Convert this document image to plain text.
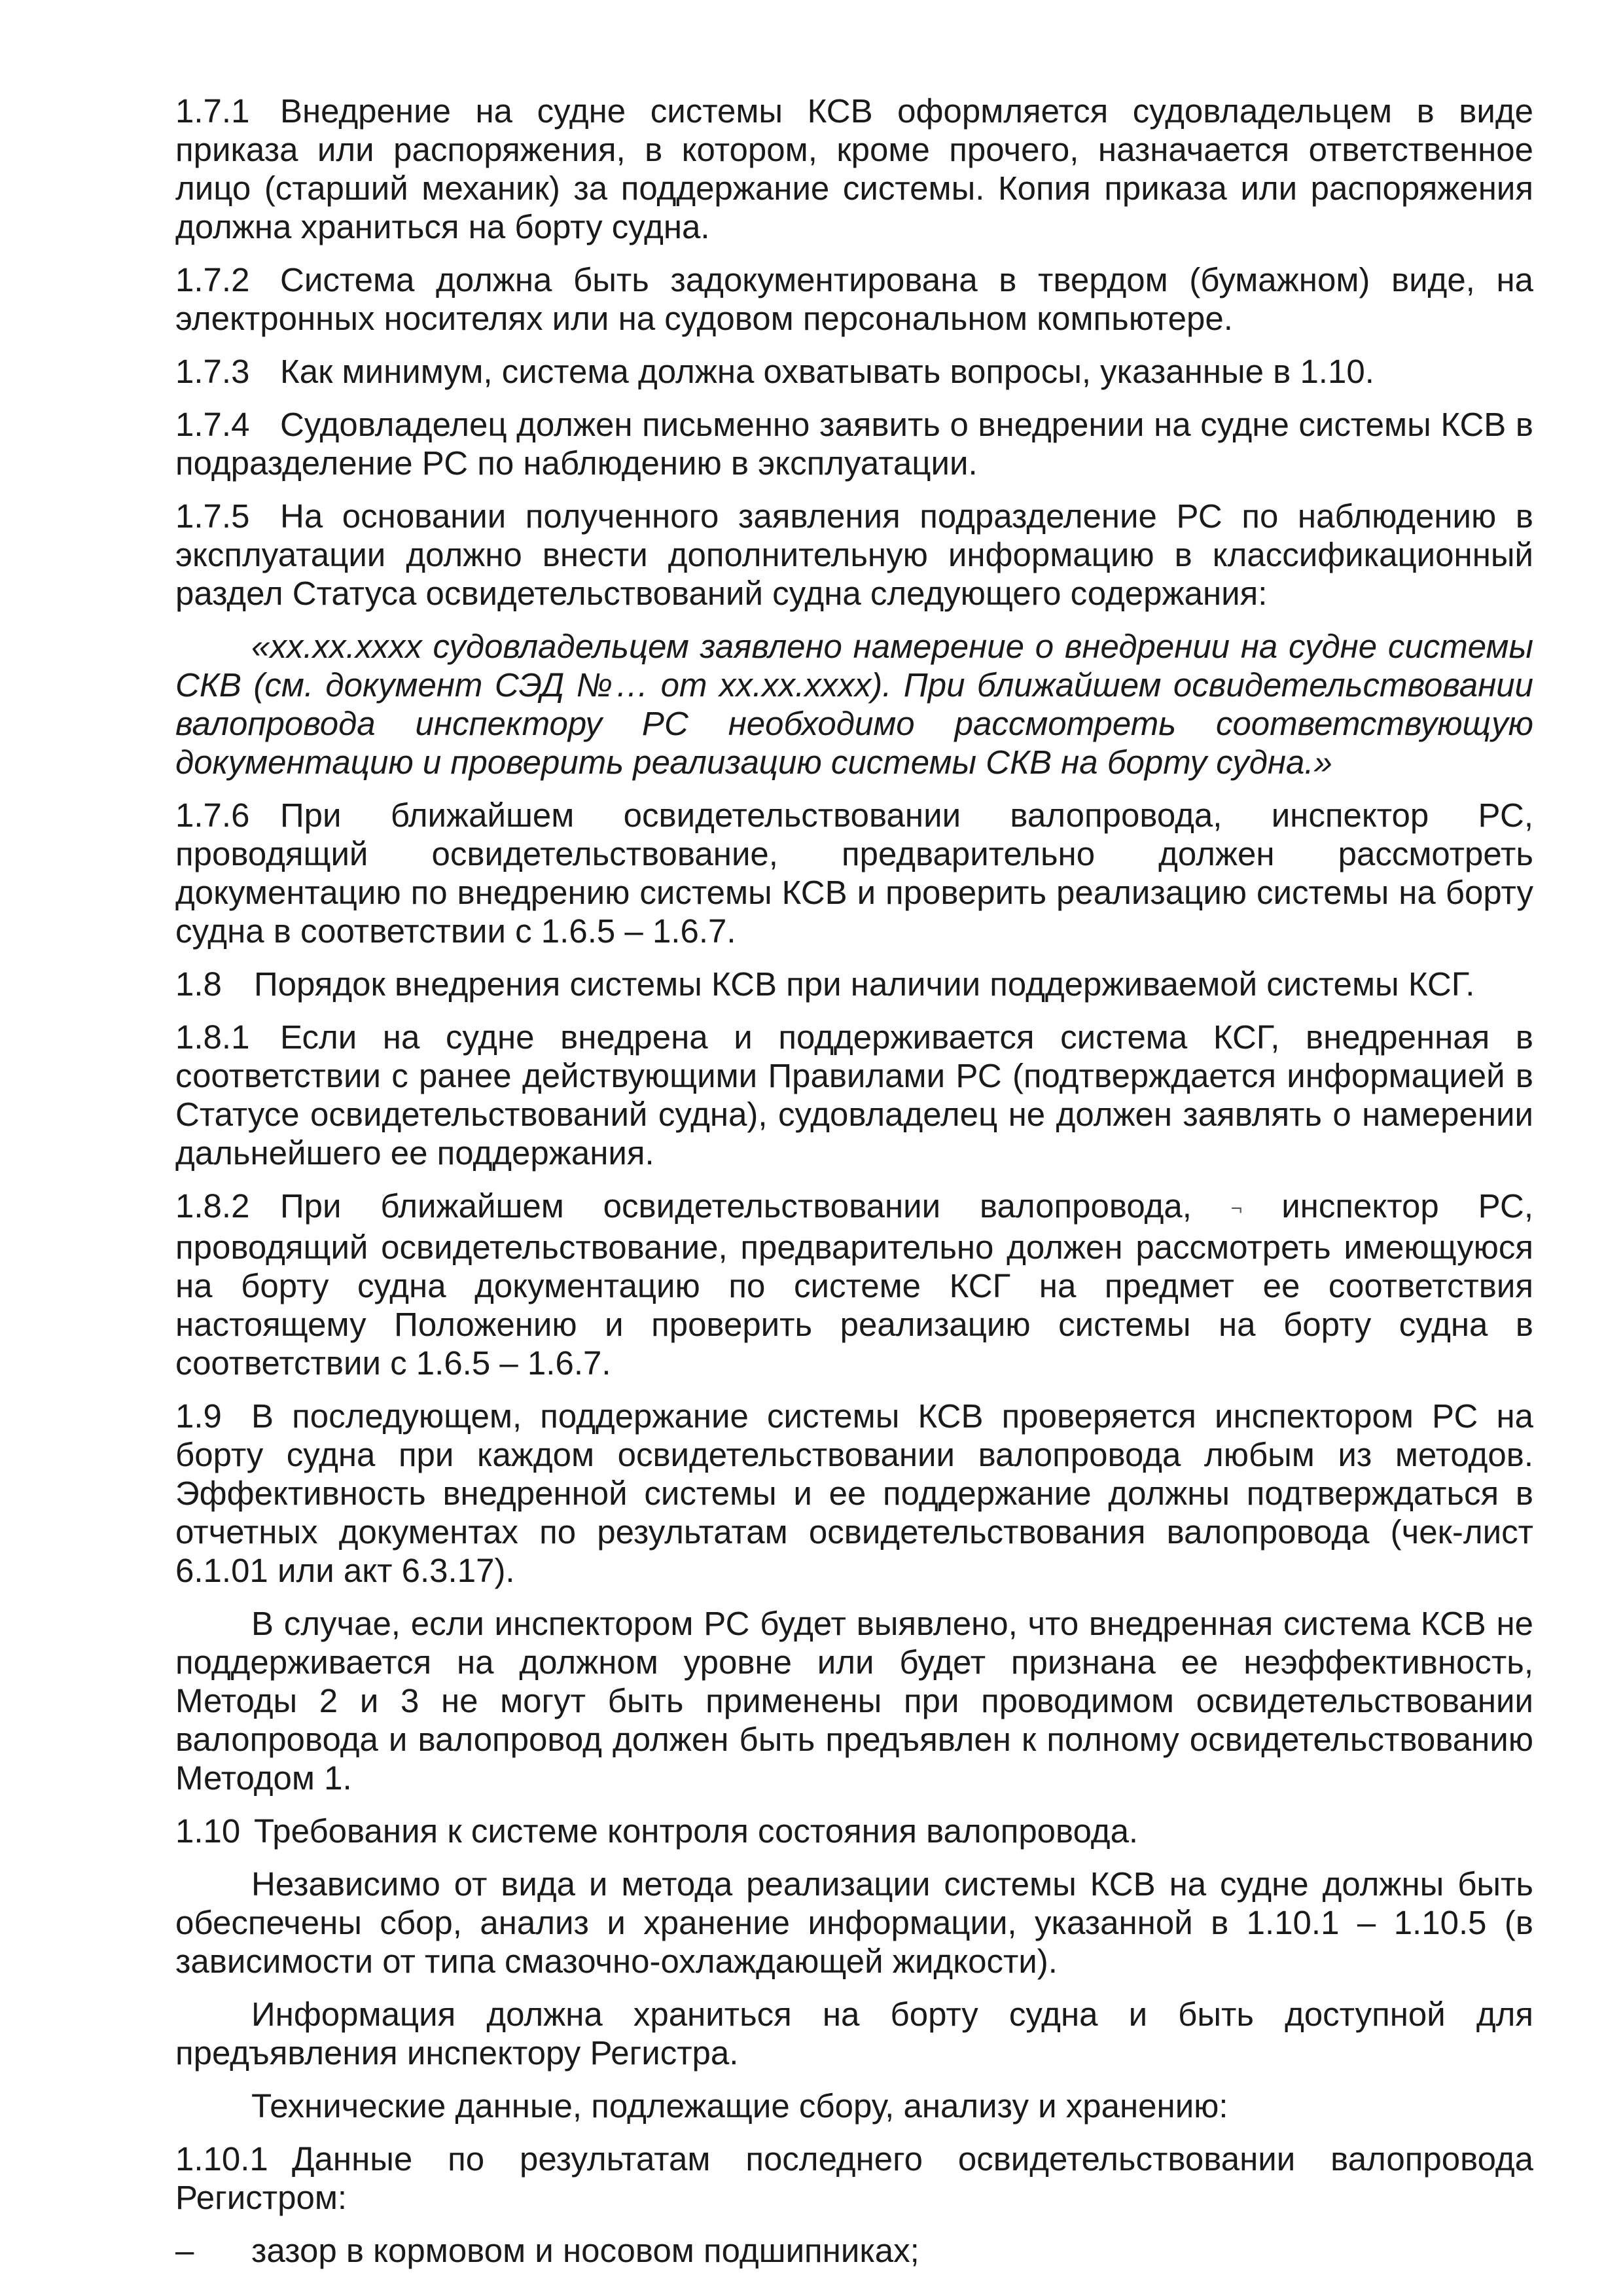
1.7.1 Внедрение на судне системы КСВ оформляется судовладельцем в виде приказа или распоряжения, в котором, кроме прочего, назначается ответственное лицо (старший механик) за поддержание системы. Копия приказа или распоряжения должна храниться на борту судна.

1.7.2 Система должна быть задокументирована в твердом (бумажном) виде, на электронных носителях или на судовом персональном компьютере.

1.7.3 Как минимум, система должна охватывать вопросы, указанные в 1.10.

1.7.4 Судовладелец должен письменно заявить о внедрении на судне системы КСВ в подразделение РС по наблюдению в эксплуатации.

1.7.5 На основании полученного заявления подразделение РС по наблюдению в эксплуатации должно внести дополнительную информацию в классификационный раздел Статуса освидетельствований судна следующего содержания:

«хх.хх.хххх судовладельцем заявлено намерение о внедрении на судне системы СКВ (см. документ СЭД №… от хх.хх.хххх). При ближайшем освидетельствовании валопровода инспектору РС необходимо рассмотреть соответствующую документацию и проверить реализацию системы СКВ на борту судна.»

1.7.6 При ближайшем освидетельствовании валопровода, инспектор РС, проводящий освидетельствование, предварительно должен рассмотреть документацию по внедрению системы КСВ и проверить реализацию системы на борту судна в соответствии с 1.6.5 – 1.6.7.

1.8 Порядок внедрения системы КСВ при наличии поддерживаемой системы КСГ.

1.8.1 Если на судне внедрена и поддерживается система КСГ, внедренная в соответствии с ранее действующими Правилами РС (подтверждается информацией в Статусе освидетельствований судна), судовладелец не должен заявлять о намерении дальнейшего ее поддержания.

1.8.2 При ближайшем освидетельствовании валопровода, ¬ инспектор РС, проводящий освидетельствование, предварительно должен рассмотреть имеющуюся на борту судна документацию по системе КСГ на предмет ее соответствия настоящему Положению и проверить реализацию системы на борту судна в соответствии с 1.6.5 – 1.6.7.

1.9 В последующем, поддержание системы КСВ проверяется инспектором РС на борту судна при каждом освидетельствовании валопровода любым из методов. Эффективность внедренной системы и ее поддержание должны подтверждаться в отчетных документах по результатам освидетельствования валопровода (чек-лист 6.1.01 или акт 6.3.17).

В случае, если инспектором РС будет выявлено, что внедренная система КСВ не поддерживается на должном уровне или будет признана ее неэффективность, Методы 2 и 3 не могут быть применены при проводимом освидетельствовании валопровода и валопровод должен быть предъявлен к полному освидетельствованию Методом 1.

1.10 Требования к системе контроля состояния валопровода.

Независимо от вида и метода реализации системы КСВ на судне должны быть обеспечены сбор, анализ и хранение информации, указанной в 1.10.1 – 1.10.5 (в зависимости от типа смазочно-охлаждающей жидкости).

Информация должна храниться на борту судна и быть доступной для предъявления инспектору Регистра.

Технические данные, подлежащие сбору, анализу и хранению:

1.10.1 Данные по результатам последнего освидетельствовании валопровода Регистром:

– зазор в кормовом и носовом подшипниках;
